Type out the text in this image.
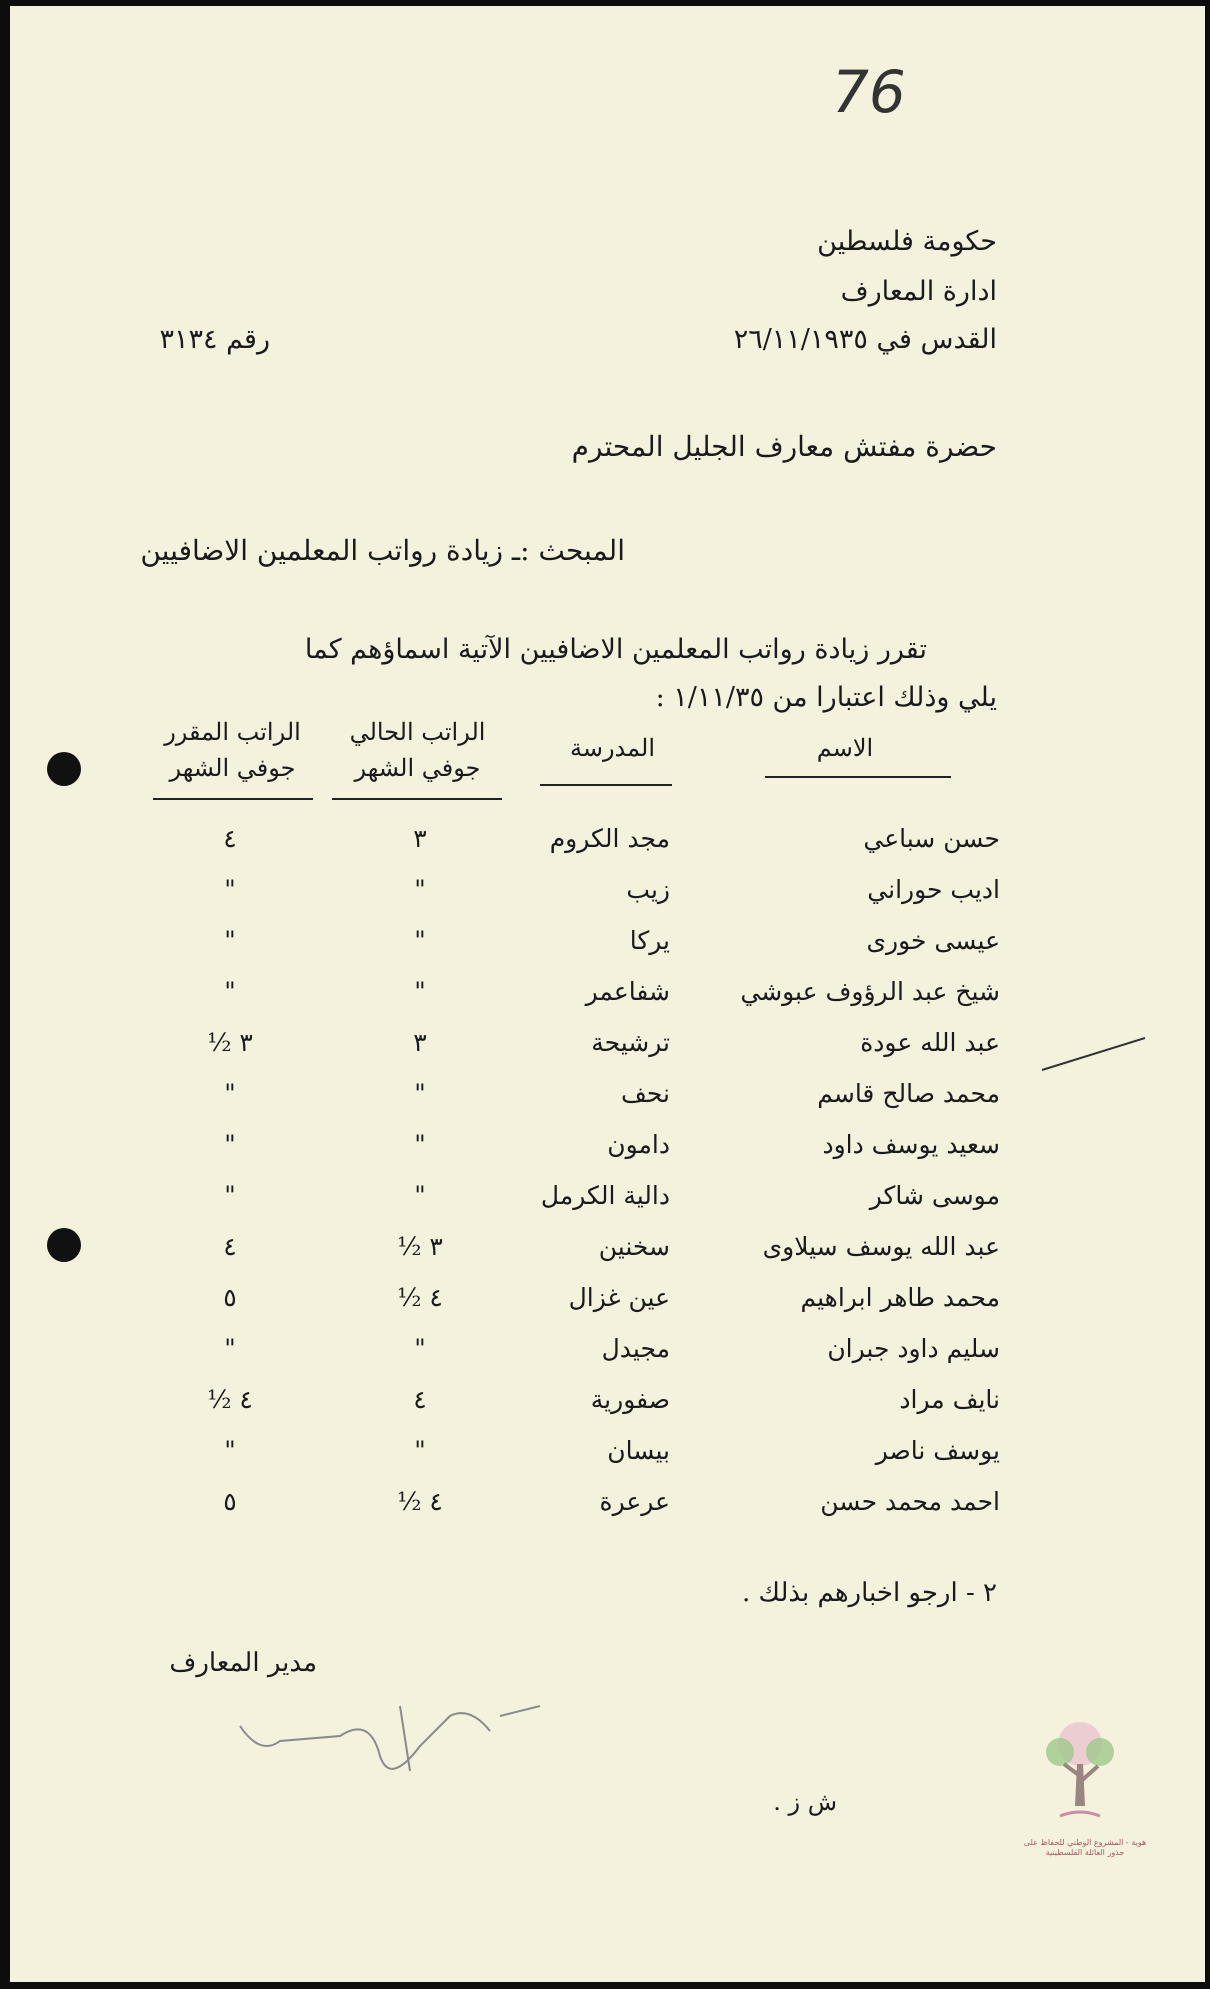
76
حكومة فلسطين
ادارة المعارف
القدس في ٢٦/١١/١٩٣٥
رقم ٣١٣٤
حضرة مفتش معارف الجليل المحترم
المبحث :ـ زيادة رواتب المعلمين الاضافيين
تقرر زيادة رواتب المعلمين الاضافيين الآتية اسماؤهم كما
يلي وذلك اعتبارا من ١/١١/٣٥ :
الاسم
المدرسة
الراتب الحالي
جوفي الشهر
الراتب المقرر
جوفي الشهر
حسن سباعي
مجد الكروم
٣
٤
اديب حوراني
زيب
"
"
عيسى خورى
يركا
"
"
شيخ عبد الرؤوف عبوشي
شفاعمر
"
"
عبد الله عودة
ترشيحة
٣
½ ٣
محمد صالح قاسم
نحف
"
"
سعيد يوسف داود
دامون
"
"
موسى شاكر
دالية الكرمل
"
"
عبد الله يوسف سيلاوى
سخنين
½ ٣
٤
محمد طاهر ابراهيم
عين غزال
½ ٤
٥
سليم داود جبران
مجيدل
"
"
نايف مراد
صفورية
٤
½ ٤
يوسف ناصر
بيسان
"
"
احمد محمد حسن
عرعرة
½ ٤
٥
٢ - ارجو اخبارهم بذلك .
مدير المعارف
ش ز .
هوية - المشروع الوطني للحفاظ على جذور العائلة الفلسطينية
